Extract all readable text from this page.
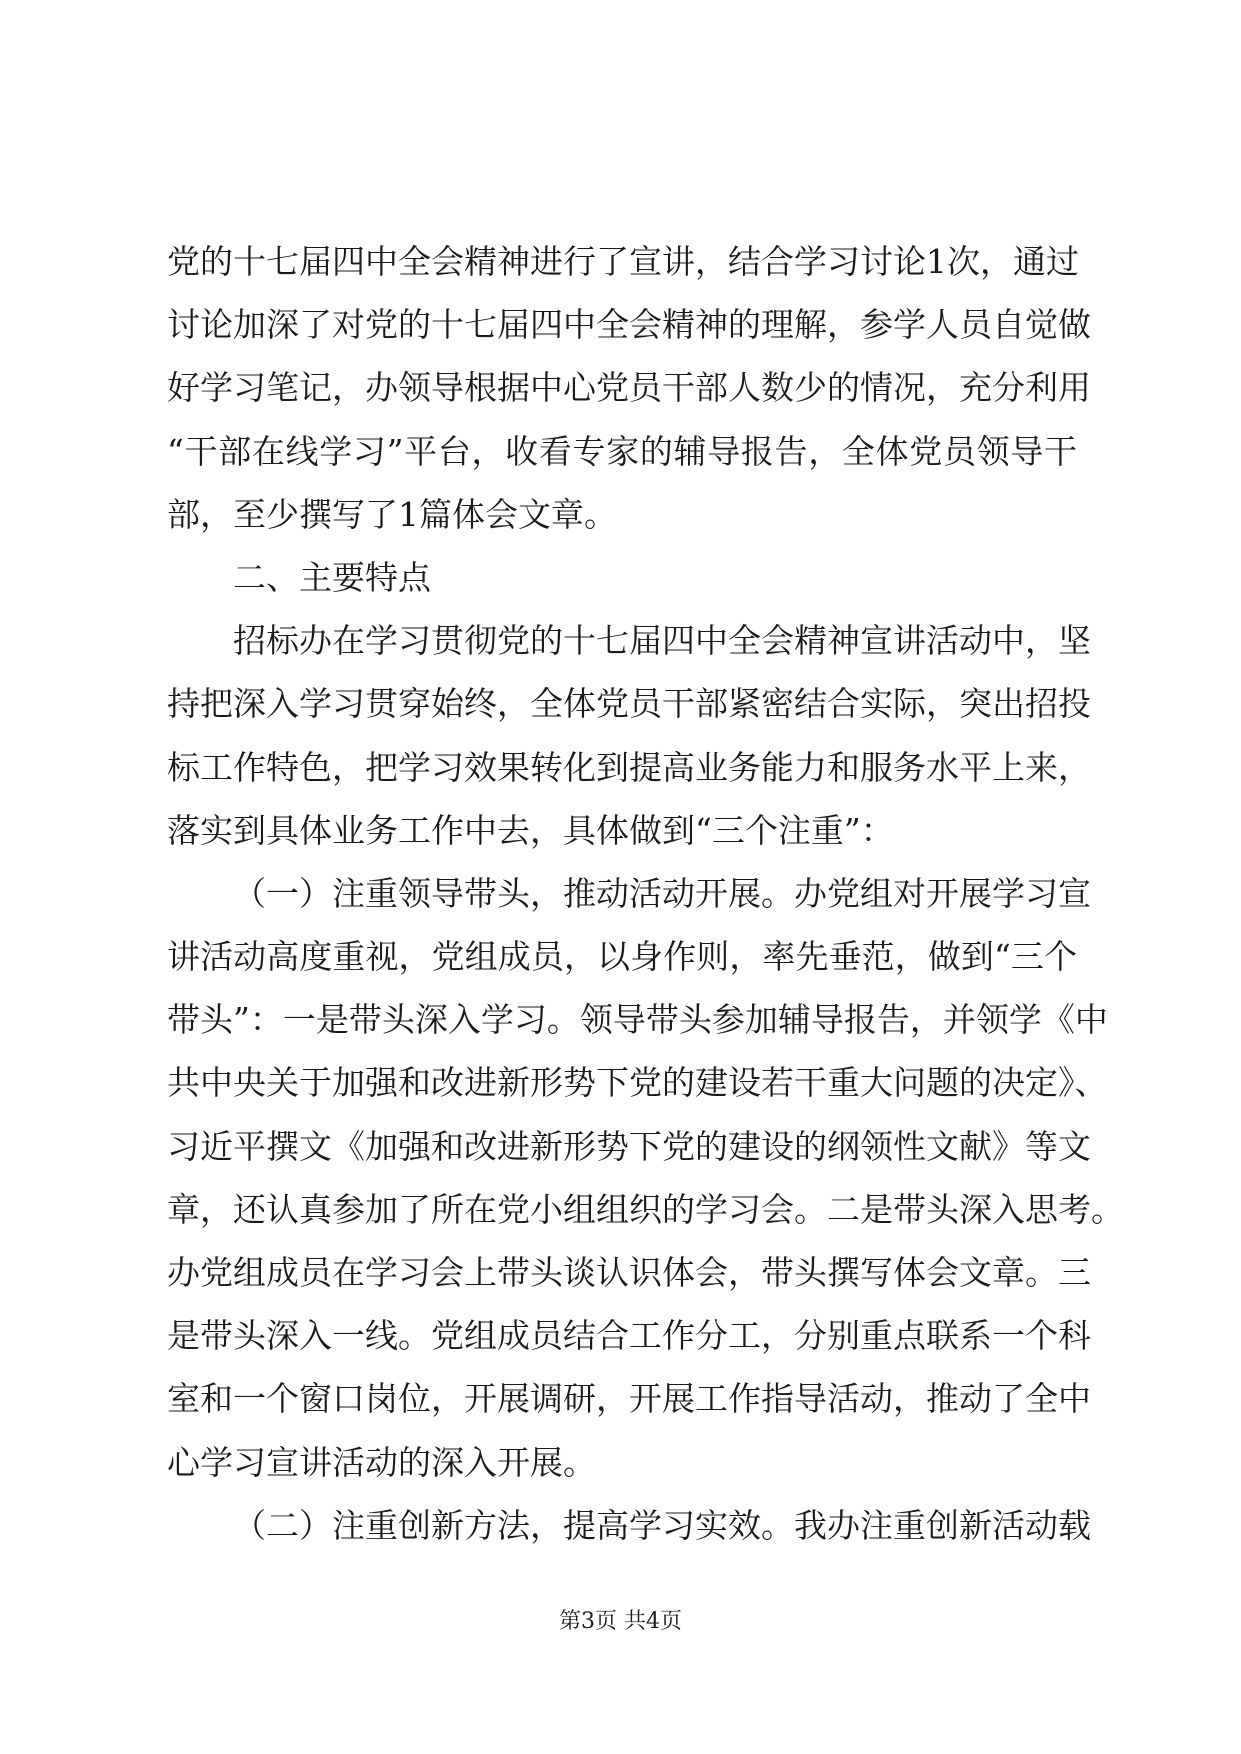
党的十七届四中全会精神进行了宣讲，结合学习讨论1次，通过
讨论加深了对党的十七届四中全会精神的理解，参学人员自觉做
好学习笔记，办领导根据中心党员干部人数少的情况，充分利用
“干部在线学习”平台，收看专家的辅导报告，全体党员领导干
部，至少撰写了1篇体会文章。
二、主要特点
招标办在学习贯彻党的十七届四中全会精神宣讲活动中，坚
持把深入学习贯穿始终，全体党员干部紧密结合实际，突出招投
标工作特色，把学习效果转化到提高业务能力和服务水平上来，
落实到具体业务工作中去，具体做到“三个注重”：
（一）注重领导带头，推动活动开展。办党组对开展学习宣
讲活动高度重视，党组成员，以身作则，率先垂范，做到“三个
带头”：一是带头深入学习。领导带头参加辅导报告，并领学《中
共中央关于加强和改进新形势下党的建设若干重大问题的决定》、
习近平撰文《加强和改进新形势下党的建设的纲领性文献》等文
章，还认真参加了所在党小组组织的学习会。二是带头深入思考。
办党组成员在学习会上带头谈认识体会，带头撰写体会文章。三
是带头深入一线。党组成员结合工作分工，分别重点联系一个科
室和一个窗口岗位，开展调研，开展工作指导活动，推动了全中
心学习宣讲活动的深入开展。
（二）注重创新方法，提高学习实效。我办注重创新活动载
第3页 共4页
